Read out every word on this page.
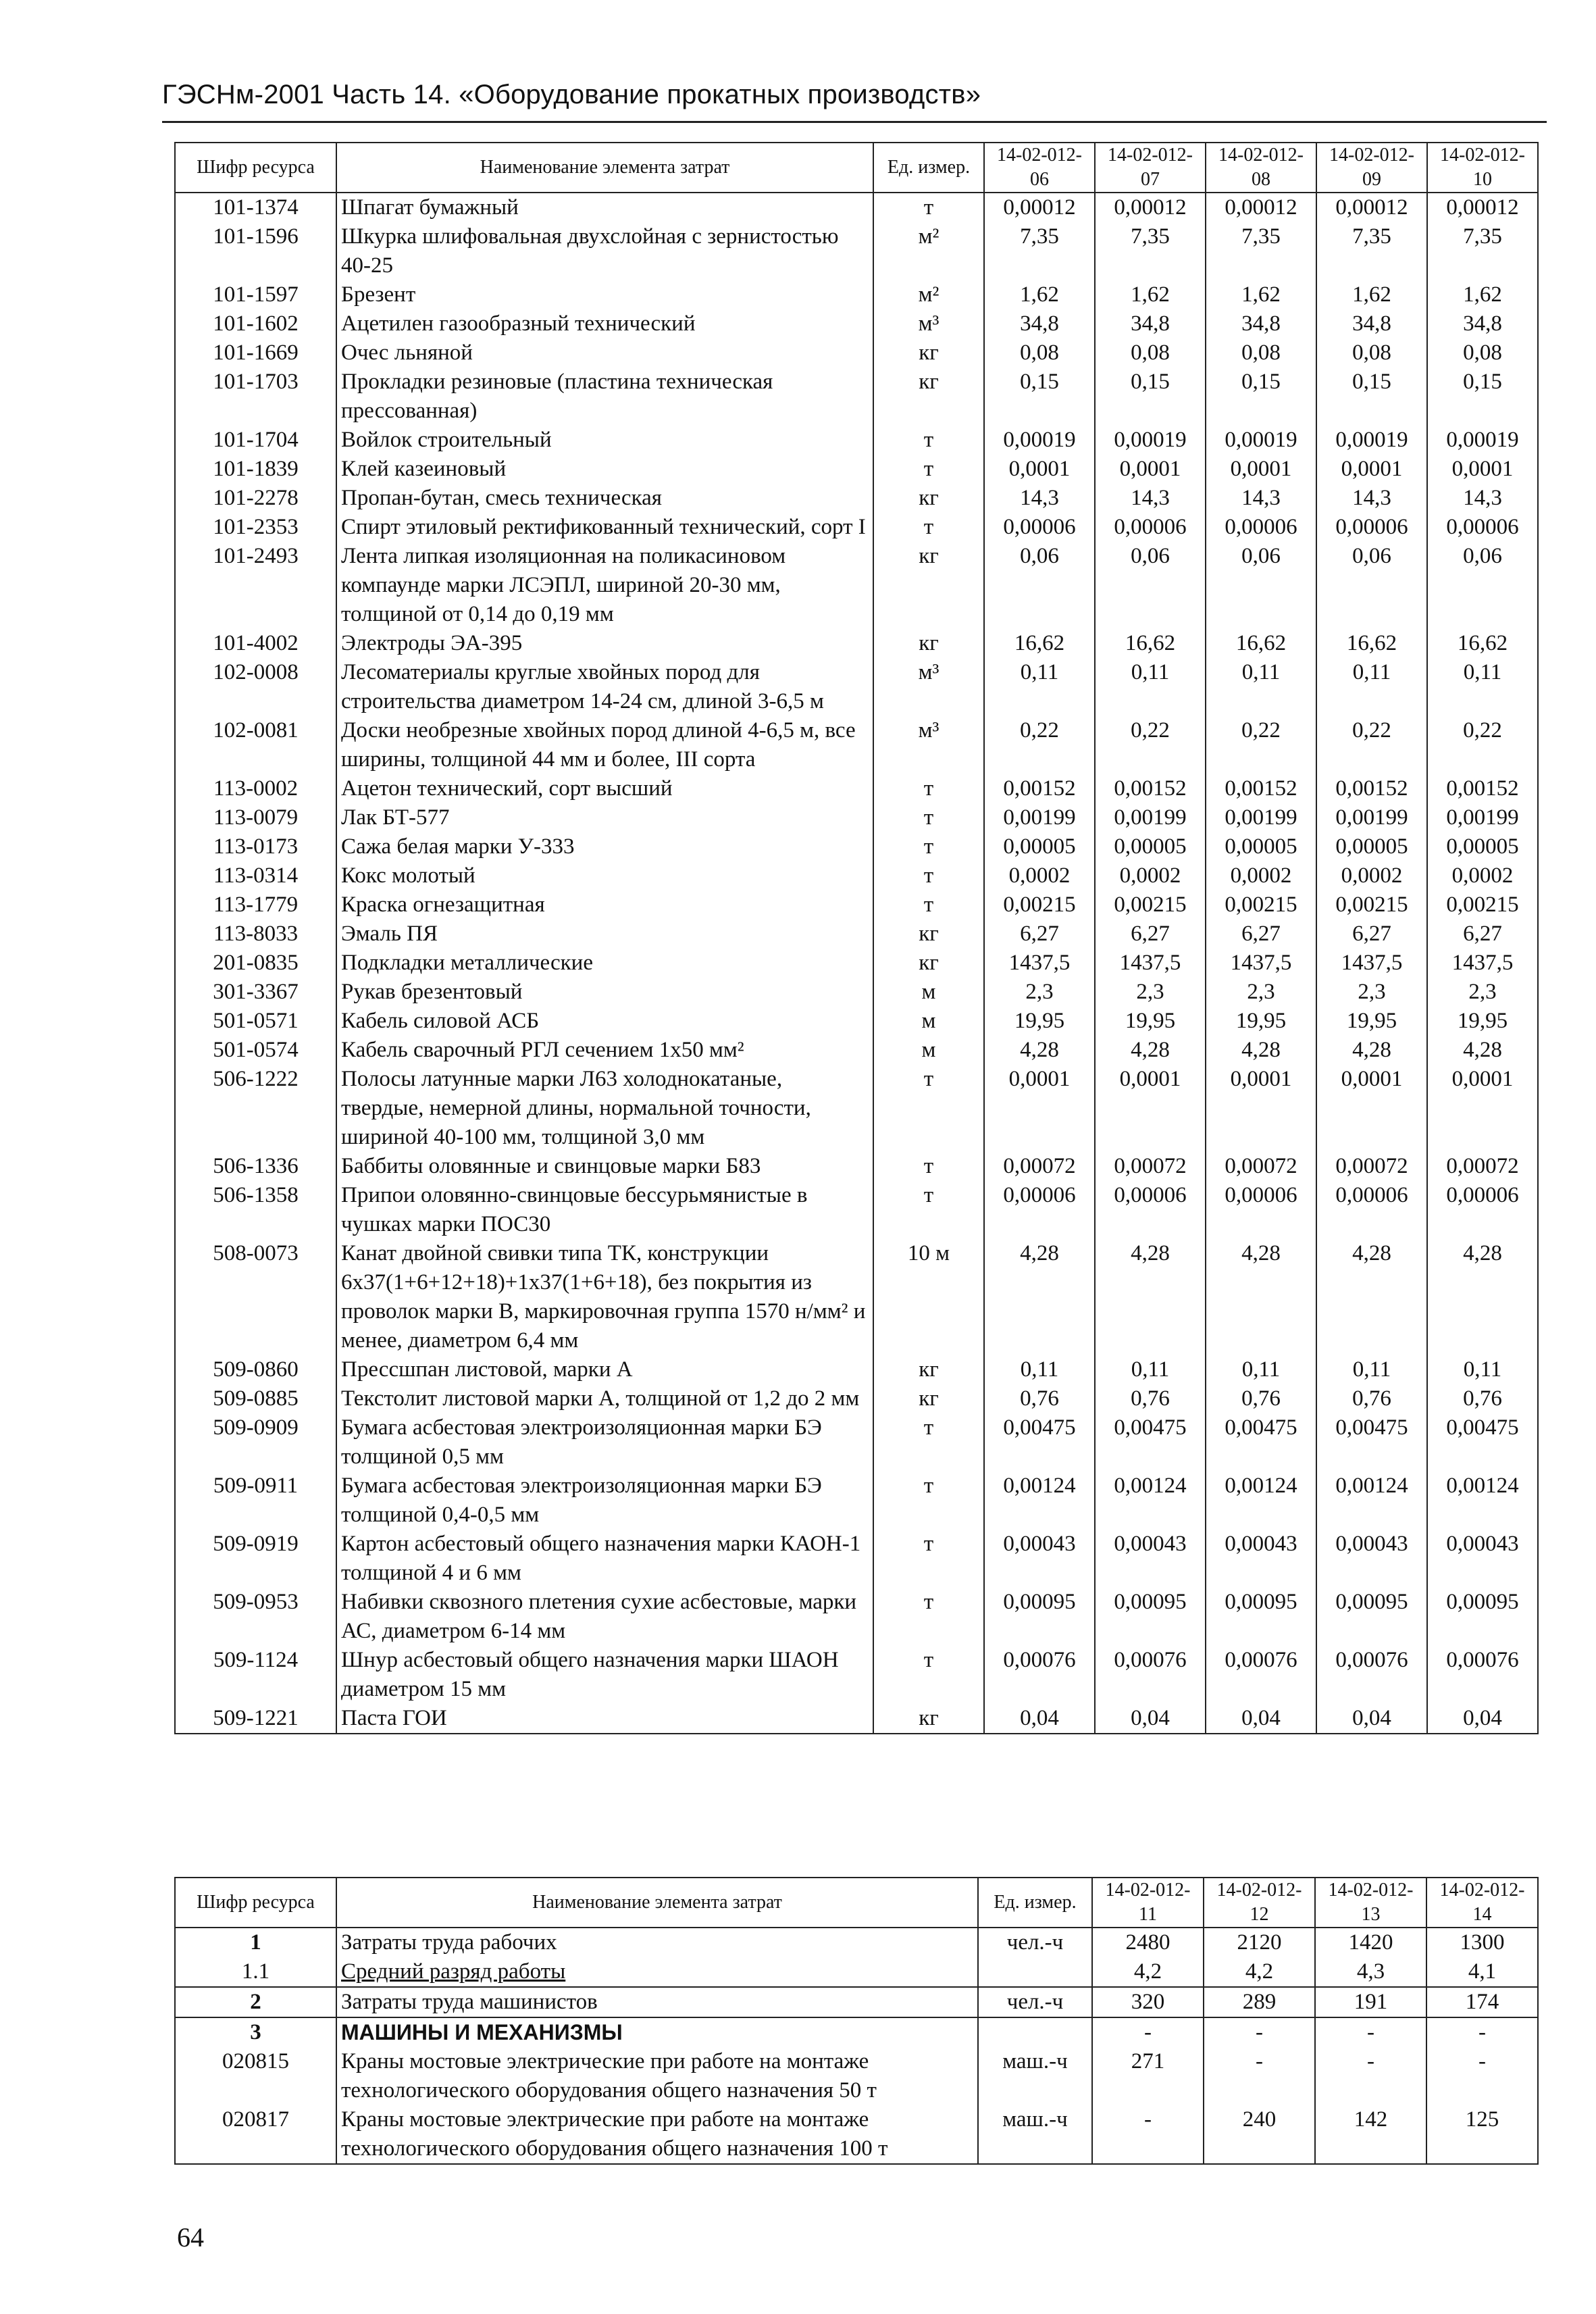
ГЭСНм-2001 Часть 14. «Оборудование прокатных производств»
Шифр ресурса	Наименование элемента затрат	Ед. измер.	14-02-012-06	14-02-012-07	14-02-012-08	14-02-012-09	14-02-012-10
101-1374	Шпагат бумажный	т	0,00012	0,00012	0,00012	0,00012	0,00012
101-1596	Шкурка шлифовальная двухслойная с зернистостью 40-25	м²	7,35	7,35	7,35	7,35	7,35
101-1597	Брезент	м²	1,62	1,62	1,62	1,62	1,62
101-1602	Ацетилен газообразный технический	м³	34,8	34,8	34,8	34,8	34,8
101-1669	Очес льняной	кг	0,08	0,08	0,08	0,08	0,08
101-1703	Прокладки резиновые (пластина техническая прессованная)	кг	0,15	0,15	0,15	0,15	0,15
101-1704	Войлок строительный	т	0,00019	0,00019	0,00019	0,00019	0,00019
101-1839	Клей казеиновый	т	0,0001	0,0001	0,0001	0,0001	0,0001
101-2278	Пропан-бутан, смесь техническая	кг	14,3	14,3	14,3	14,3	14,3
101-2353	Спирт этиловый ректификованный технический, сорт I	т	0,00006	0,00006	0,00006	0,00006	0,00006
101-2493	Лента липкая изоляционная на поликасиновом компаунде марки ЛСЭПЛ, шириной 20-30 мм, толщиной от 0,14 до 0,19 мм	кг	0,06	0,06	0,06	0,06	0,06
101-4002	Электроды ЭА-395	кг	16,62	16,62	16,62	16,62	16,62
102-0008	Лесоматериалы круглые хвойных пород для строительства диаметром 14-24 см, длиной 3-6,5 м	м³	0,11	0,11	0,11	0,11	0,11
102-0081	Доски необрезные хвойных пород длиной 4-6,5 м, все ширины, толщиной 44 мм и более, III сорта	м³	0,22	0,22	0,22	0,22	0,22
113-0002	Ацетон технический, сорт высший	т	0,00152	0,00152	0,00152	0,00152	0,00152
113-0079	Лак БТ-577	т	0,00199	0,00199	0,00199	0,00199	0,00199
113-0173	Сажа белая марки У-333	т	0,00005	0,00005	0,00005	0,00005	0,00005
113-0314	Кокс молотый	т	0,0002	0,0002	0,0002	0,0002	0,0002
113-1779	Краска огнезащитная	т	0,00215	0,00215	0,00215	0,00215	0,00215
113-8033	Эмаль ПЯ	кг	6,27	6,27	6,27	6,27	6,27
201-0835	Подкладки металлические	кг	1437,5	1437,5	1437,5	1437,5	1437,5
301-3367	Рукав брезентовый	м	2,3	2,3	2,3	2,3	2,3
501-0571	Кабель силовой АСБ	м	19,95	19,95	19,95	19,95	19,95
501-0574	Кабель сварочный РГЛ сечением 1х50 мм²	м	4,28	4,28	4,28	4,28	4,28
506-1222	Полосы латунные марки Л63 холоднокатаные, твердые, немерной длины, нормальной точности, шириной 40-100 мм, толщиной 3,0 мм	т	0,0001	0,0001	0,0001	0,0001	0,0001
506-1336	Баббиты оловянные и свинцовые марки Б83	т	0,00072	0,00072	0,00072	0,00072	0,00072
506-1358	Припои оловянно-свинцовые бессурьмянистые в чушках марки ПОС30	т	0,00006	0,00006	0,00006	0,00006	0,00006
508-0073	Канат двойной свивки типа ТК, конструкции 6х37(1+6+12+18)+1х37(1+6+18), без покрытия из проволок марки В, маркировочная группа 1570 н/мм² и менее, диаметром 6,4 мм	10 м	4,28	4,28	4,28	4,28	4,28
509-0860	Прессшпан листовой, марки А	кг	0,11	0,11	0,11	0,11	0,11
509-0885	Текстолит листовой марки А, толщиной от 1,2 до 2 мм	кг	0,76	0,76	0,76	0,76	0,76
509-0909	Бумага асбестовая электроизоляционная марки БЭ толщиной 0,5 мм	т	0,00475	0,00475	0,00475	0,00475	0,00475
509-0911	Бумага асбестовая электроизоляционная марки БЭ толщиной 0,4-0,5 мм	т	0,00124	0,00124	0,00124	0,00124	0,00124
509-0919	Картон асбестовый общего назначения марки КАОН-1 толщиной 4 и 6 мм	т	0,00043	0,00043	0,00043	0,00043	0,00043
509-0953	Набивки сквозного плетения сухие асбестовые, марки АС, диаметром 6-14 мм	т	0,00095	0,00095	0,00095	0,00095	0,00095
509-1124	Шнур асбестовый общего назначения марки ШАОН диаметром 15 мм	т	0,00076	0,00076	0,00076	0,00076	0,00076
509-1221	Паста ГОИ	кг	0,04	0,04	0,04	0,04	0,04
Шифр ресурса	Наименование элемента затрат	Ед. измер.	14-02-012-11	14-02-012-12	14-02-012-13	14-02-012-14
1	Затраты труда рабочих	чел.-ч	2480	2120	1420	1300
1.1	Средний разряд работы		4,2	4,2	4,3	4,1
2	Затраты труда машинистов	чел.-ч	320	289	191	174
3	МАШИНЫ И МЕХАНИЗМЫ		-	-	-	-
020815	Краны мостовые электрические при работе на монтаже технологического оборудования общего назначения 50 т	маш.-ч	271	-	-	-
020817	Краны мостовые электрические при работе на монтаже технологического оборудования общего назначения 100 т	маш.-ч	-	240	142	125
64
